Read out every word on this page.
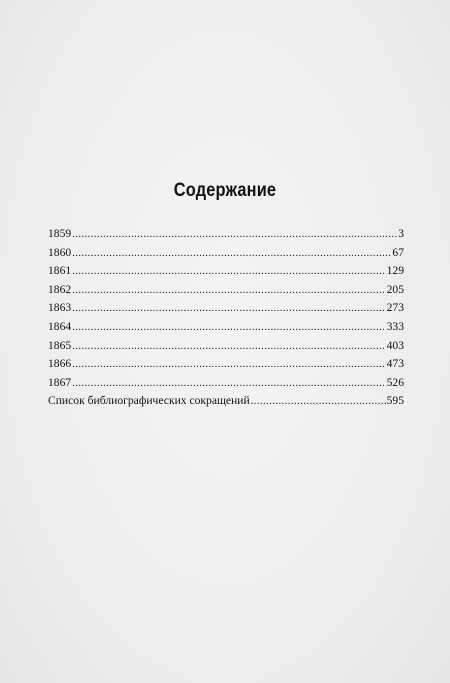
Содержание
1859 .....	3
1860 .....	67
1861 .....	129
1862 .....	205
1863 .....	273
1864 .....	333
1865 .....	403
1866 .....	473
1867 .....	526
Список библиографических сокращений .....	595
